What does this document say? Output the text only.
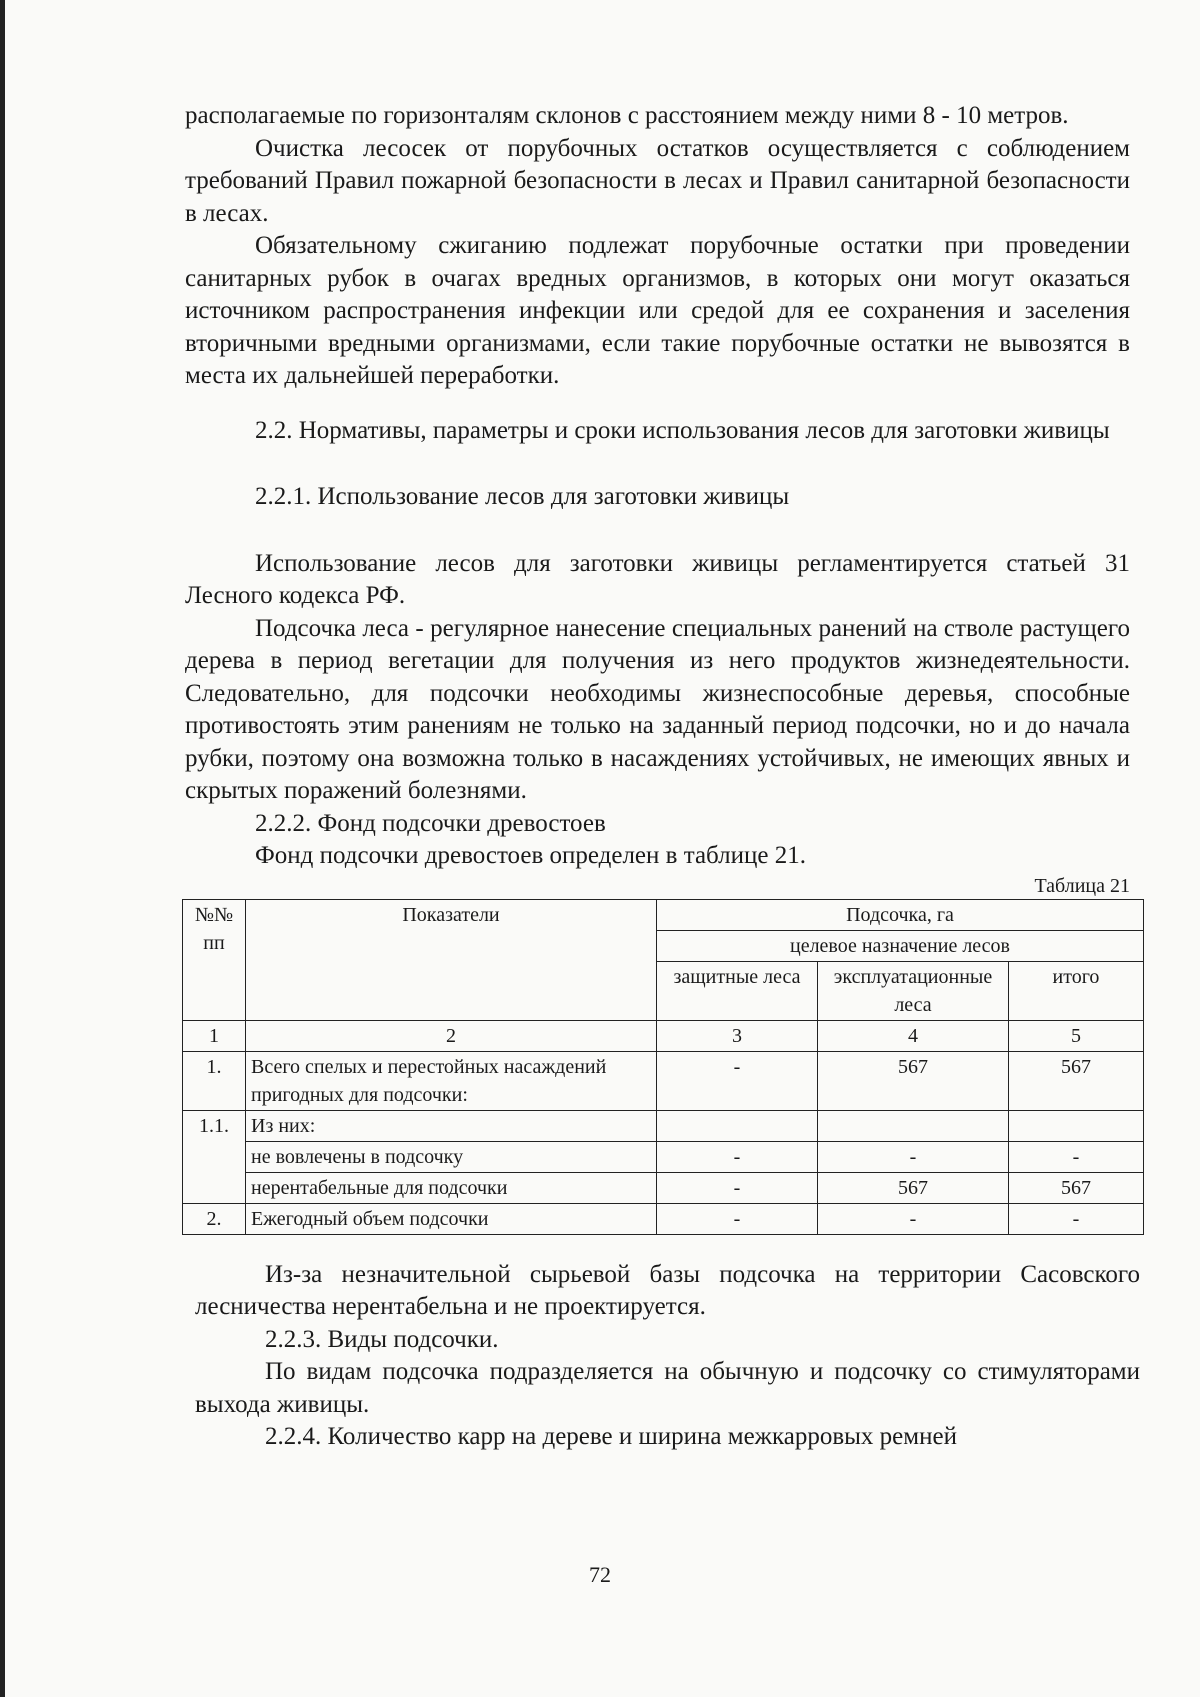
располагаемые по горизонталям склонов с расстоянием между ними 8 - 10 метров.

Очистка лесосек от порубочных остатков осуществляется с соблюдением требований Правил пожарной безопасности в лесах и Правил санитарной безопасности в лесах.

Обязательному сжиганию подлежат порубочные остатки при проведении санитарных рубок в очагах вредных организмов, в которых они могут оказаться источником распространения инфекции или средой для ее сохранения и заселения вторичными вредными организмами, если такие порубочные остатки не вывозятся в места их дальнейшей переработки.

2.2. Нормативы, параметры и сроки использования лесов для заготовки живицы

2.2.1. Использование лесов для заготовки живицы

Использование лесов для заготовки живицы регламентируется статьей 31 Лесного кодекса РФ.

Подсочка леса - регулярное нанесение специальных ранений на стволе растущего дерева в период вегетации для получения из него продуктов жизнедеятельности. Следовательно, для подсочки необходимы жизнеспособные деревья, способные противостоять этим ранениям не только на заданный период подсочки, но и до начала рубки, поэтому она возможна только в насаждениях устойчивых, не имеющих явных и скрытых поражений болезнями.

2.2.2. Фонд подсочки древостоев

Фонд подсочки древостоев определен в таблице 21.

Таблица 21
№№ пп	Показатели	Подсочка, га		
		целевое назначение лесов		
		защитные леса	эксплуатационные леса	итого
1	2	3	4	5
1.	Всего спелых и перестойных насаждений пригодных для подсочки:	-	567	567
1.1.	Из них:			
	не вовлечены в подсочку	-	-	-
	нерентабельные для подсочки	-	567	567
2.	Ежегодный объем подсочки	-	-	-

Из-за незначительной сырьевой базы подсочка на территории Сасовского лесничества нерентабельна и не проектируется.

2.2.3. Виды подсочки.

По видам подсочка подразделяется на обычную и подсочку со стимуляторами выхода живицы.

2.2.4. Количество карр на дереве и ширина межкарровых ремней

72
